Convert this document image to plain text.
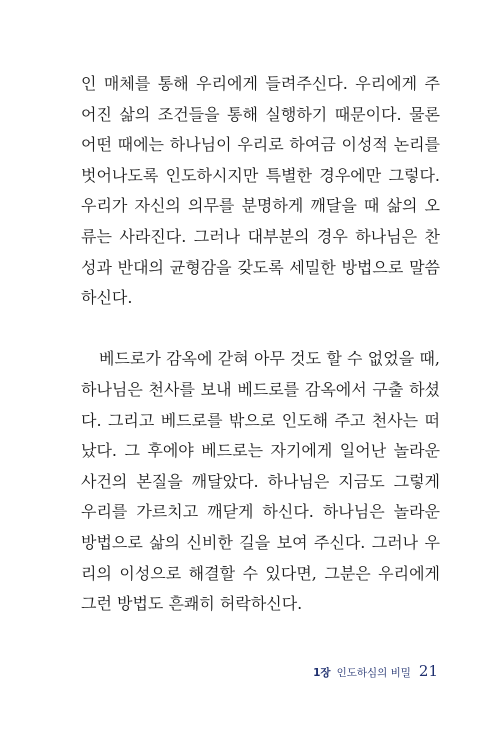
인 매체를 통해 우리에게 들려주신다. 우리에게 주어진 삶의 조건들을 통해 실행하기 때문이다. 물론 어떤 때에는 하나님이 우리로 하여금 이성적 논리를 벗어나도록 인도하시지만 특별한 경우에만 그렇다. 우리가 자신의 의무를 분명하게 깨달을 때 삶의 오류는 사라진다. 그러나 대부분의 경우 하나님은 찬성과 반대의 균형감을 갖도록 세밀한 방법으로 말씀하신다.

베드로가 감옥에 갇혀 아무 것도 할 수 없었을 때, 하나님은 천사를 보내 베드로를 감옥에서 구출 하셨다. 그리고 베드로를 밖으로 인도해 주고 천사는 떠났다. 그 후에야 베드로는 자기에게 일어난 놀라운 사건의 본질을 깨달았다. 하나님은 지금도 그렇게 우리를 가르치고 깨닫게 하신다. 하나님은 놀라운 방법으로 삶의 신비한 길을 보여 주신다. 그러나 우리의 이성으로 해결할 수 있다면, 그분은 우리에게 그런 방법도 흔쾌히 허락하신다.

1장 인도하심의 비밀 21
